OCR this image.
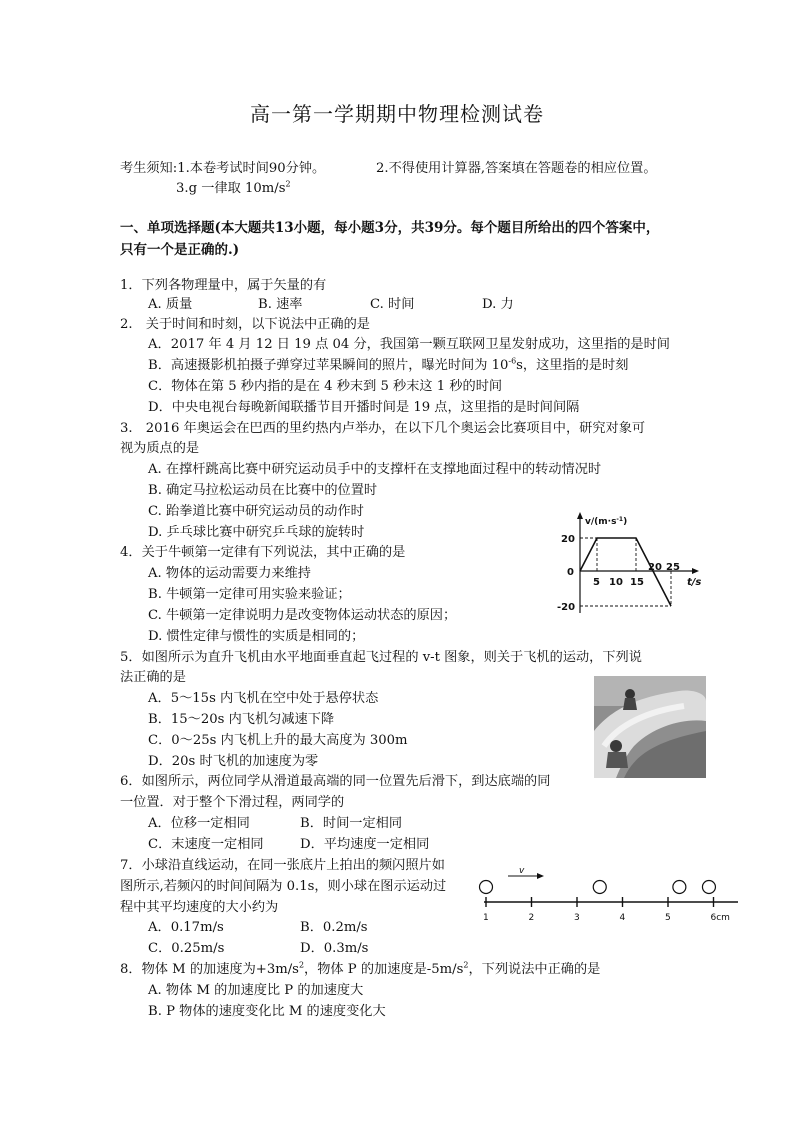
高一第一学期期中物理检测试卷
考生须知:1.本卷考试时间90分钟。	2.不得使用计算器,答案填在答题卷的相应位置。
3.g 一律取 $10m/s^2$
一、单项选择题(本大题共13小题，每小题3分，共39分。每个题目所给出的四个答案中，
只有一个是正确的.)
1．下列各物理量中，属于矢量的有
A. 质量	B. 速率	C. 时间	D. 力
2.　关于时间和时刻，以下说法中正确的是
A．2017 年 4 月 12 日 19 点 04 分，我国第一颗互联网卫星发射成功，这里指的是时间
B．高速摄影机拍摄子弹穿过苹果瞬间的照片，曝光时间为 $10^{-6}s$，这里指的是时刻
C．物体在第 5 秒内指的是在 4 秒末到 5 秒末这 1 秒的时间
D．中央电视台每晚新闻联播节目开播时间是 19 点，这里指的是时间间隔
3.　2016 年奥运会在巴西的里约热内卢举办，在以下几个奥运会比赛项目中，研究对象可
视为质点的是
A. 在撑杆跳高比赛中研究运动员手中的支撑杆在支撑地面过程中的转动情况时
B. 确定马拉松运动员在比赛中的位置时
C. 跆拳道比赛中研究运动员的动作时
D. 乒乓球比赛中研究乒乓球的旋转时
4．关于牛顿第一定律有下列说法，其中正确的是
A. 物体的运动需要力来维持
B. 牛顿第一定律可用实验来验证；
C. 牛顿第一定律说明力是改变物体运动状态的原因；
D. 惯性定律与惯性的实质是相同的；
5．如图所示为直升飞机由水平地面垂直起飞过程的 v-t 图象，则关于飞机的运动，下列说
法正确的是
A．5～15s 内飞机在空中处于悬停状态
B．15～20s 内飞机匀减速下降
C．0～25s 内飞机上升的最大高度为 300m
D．20s 时飞机的加速度为零
6．如图所示，两位同学从滑道最高端的同一位置先后滑下，到达底端的同
一位置．对于整个下滑过程，两同学的
A．位移一定相同	B．时间一定相同
C．末速度一定相同	D．平均速度一定相同
7．小球沿直线运动，在同一张底片上拍出的频闪照片如
图所示,若频闪的时间间隔为 0.1s，则小球在图示运动过
程中其平均速度的大小约为
A．0.17m/s	B．0.2m/s
C．0.25m/s	D．0.3m/s
8．物体 M 的加速度为$+3m/s^2$，物体 P 的加速度是$-5m/s^2$，下列说法中正确的是
A. 物体 M 的加速度比 P 的加速度大
B. P 物体的速度变化比 M 的速度变化大
$v/(m\cdot s^{-1})$
t/s
20
0
-20
5 10 15
20 25
1	2	3	4	5	6cm
v
